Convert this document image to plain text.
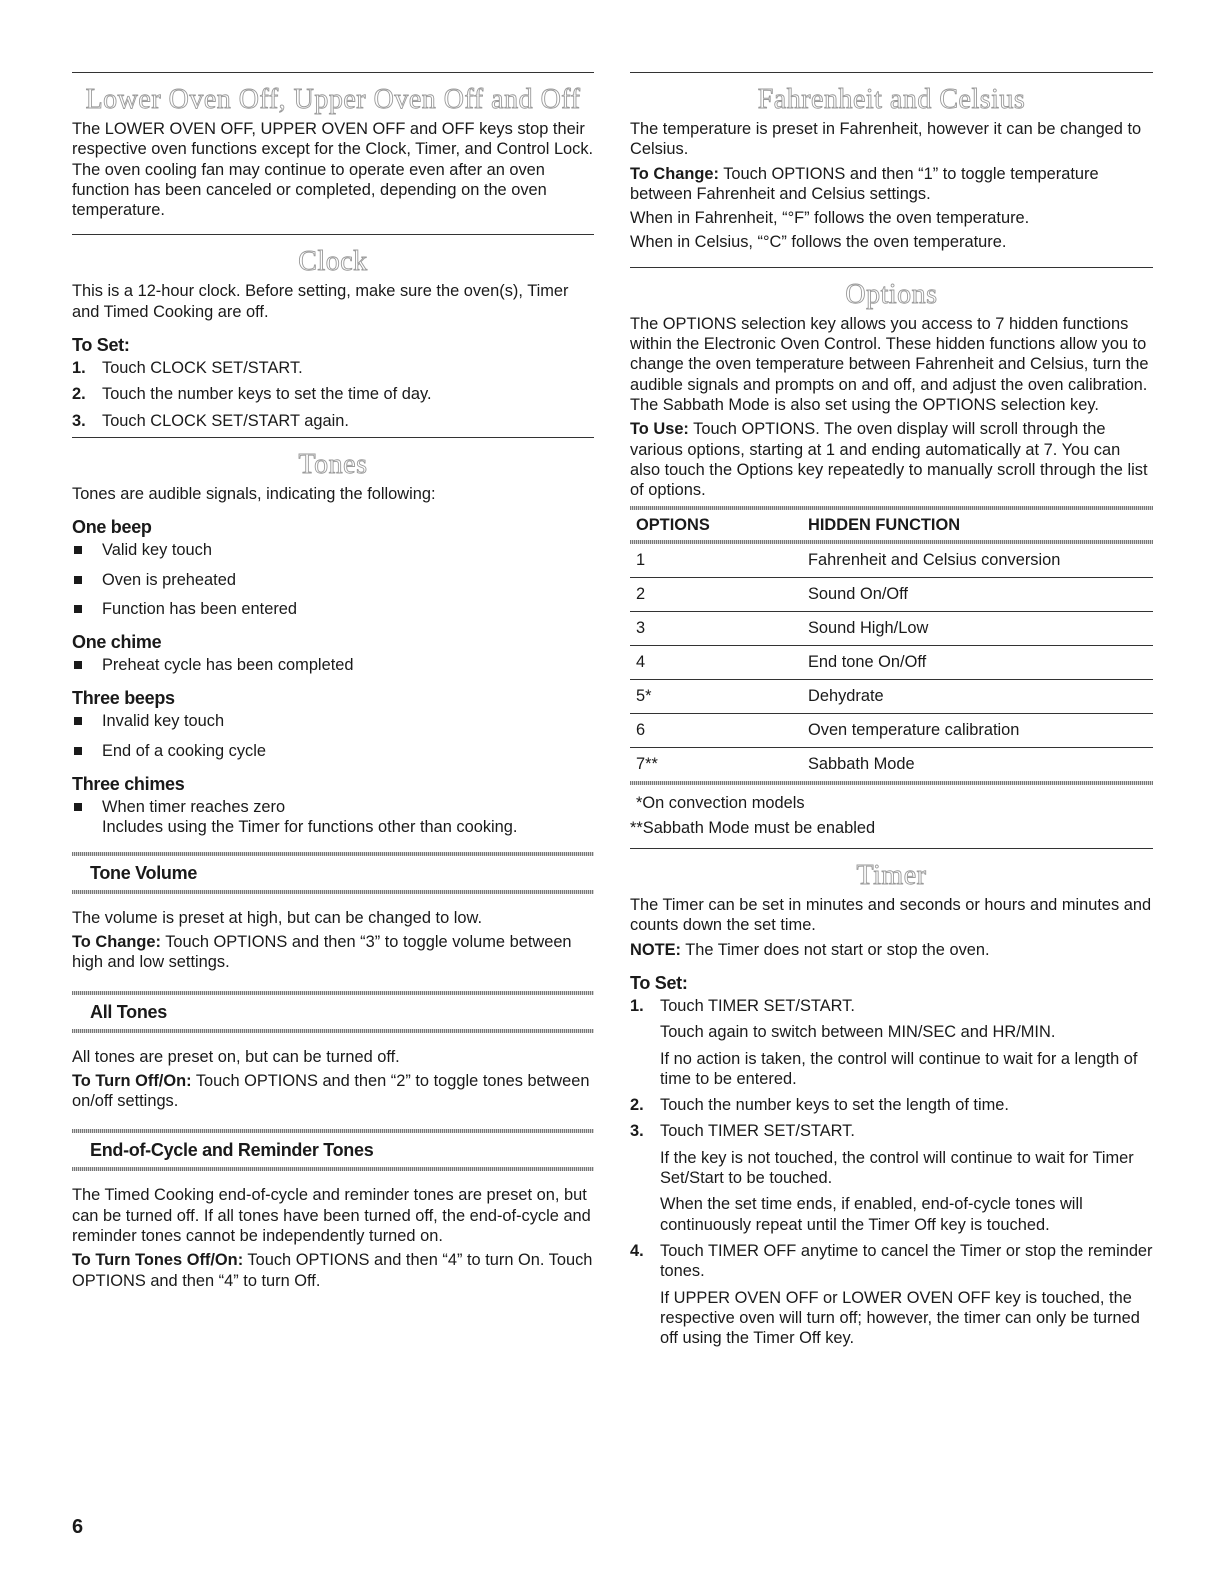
Lower Oven Off, Upper Oven Off and Off

The LOWER OVEN OFF, UPPER OVEN OFF and OFF keys stop their respective oven functions except for the Clock, Timer, and Control Lock. The oven cooling fan may continue to operate even after an oven function has been canceled or completed, depending on the oven temperature.

Clock

This is a 12-hour clock. Before setting, make sure the oven(s), Timer and Timed Cooking are off.

To Set:
1. Touch CLOCK SET/START.
2. Touch the number keys to set the time of day.
3. Touch CLOCK SET/START again.
Tones

Tones are audible signals, indicating the following:

One beep
Valid key touch
Oven is preheated
Function has been entered
One chime
Preheat cycle has been completed
Three beeps
Invalid key touch
End of a cooking cycle
Three chimes
When timer reaches zero
Includes using the Timer for functions other than cooking.
Tone Volume

The volume is preset at high, but can be changed to low.

To Change: Touch OPTIONS and then “3” to toggle volume between high and low settings.

All Tones

All tones are preset on, but can be turned off.

To Turn Off/On: Touch OPTIONS and then “2” to toggle tones between on/off settings.

End-of-Cycle and Reminder Tones

The Timed Cooking end-of-cycle and reminder tones are preset on, but can be turned off. If all tones have been turned off, the end-of-cycle and reminder tones cannot be independently turned on.

To Turn Tones Off/On: Touch OPTIONS and then “4” to turn On. Touch OPTIONS and then “4” to turn Off.

Fahrenheit and Celsius

The temperature is preset in Fahrenheit, however it can be changed to Celsius.

To Change: Touch OPTIONS and then “1” to toggle temperature between Fahrenheit and Celsius settings.

When in Fahrenheit, “°F” follows the oven temperature.

When in Celsius, “°C” follows the oven temperature.

Options

The OPTIONS selection key allows you access to 7 hidden functions within the Electronic Oven Control. These hidden functions allow you to change the oven temperature between Fahrenheit and Celsius, turn the audible signals and prompts on and off, and adjust the oven calibration. The Sabbath Mode is also set using the OPTIONS selection key.

To Use: Touch OPTIONS. The oven display will scroll through the various options, starting at 1 and ending automatically at 7. You can also touch the Options key repeatedly to manually scroll through the list of options.

OPTIONS	HIDDEN FUNCTION

1	Fahrenheit and Celsius conversion
2	Sound On/Off
3	Sound High/Low
4	End tone On/Off
5*	Dehydrate
6	Oven temperature calibration
7**	Sabbath Mode

*On convection models

**Sabbath Mode must be enabled

Timer

The Timer can be set in minutes and seconds or hours and minutes and counts down the set time.

NOTE: The Timer does not start or stop the oven.

To Set:
1. Touch TIMER SET/START.
Touch again to switch between MIN/SEC and HR/MIN.
If no action is taken, the control will continue to wait for a length of time to be entered.
2. Touch the number keys to set the length of time.
3. Touch TIMER SET/START.
If the key is not touched, the control will continue to wait for Timer Set/Start to be touched.
When the set time ends, if enabled, end-of-cycle tones will continuously repeat until the Timer Off key is touched.
4. Touch TIMER OFF anytime to cancel the Timer or stop the reminder tones.
If UPPER OVEN OFF or LOWER OVEN OFF key is touched, the respective oven will turn off; however, the timer can only be turned off using the Timer Off key.
6
